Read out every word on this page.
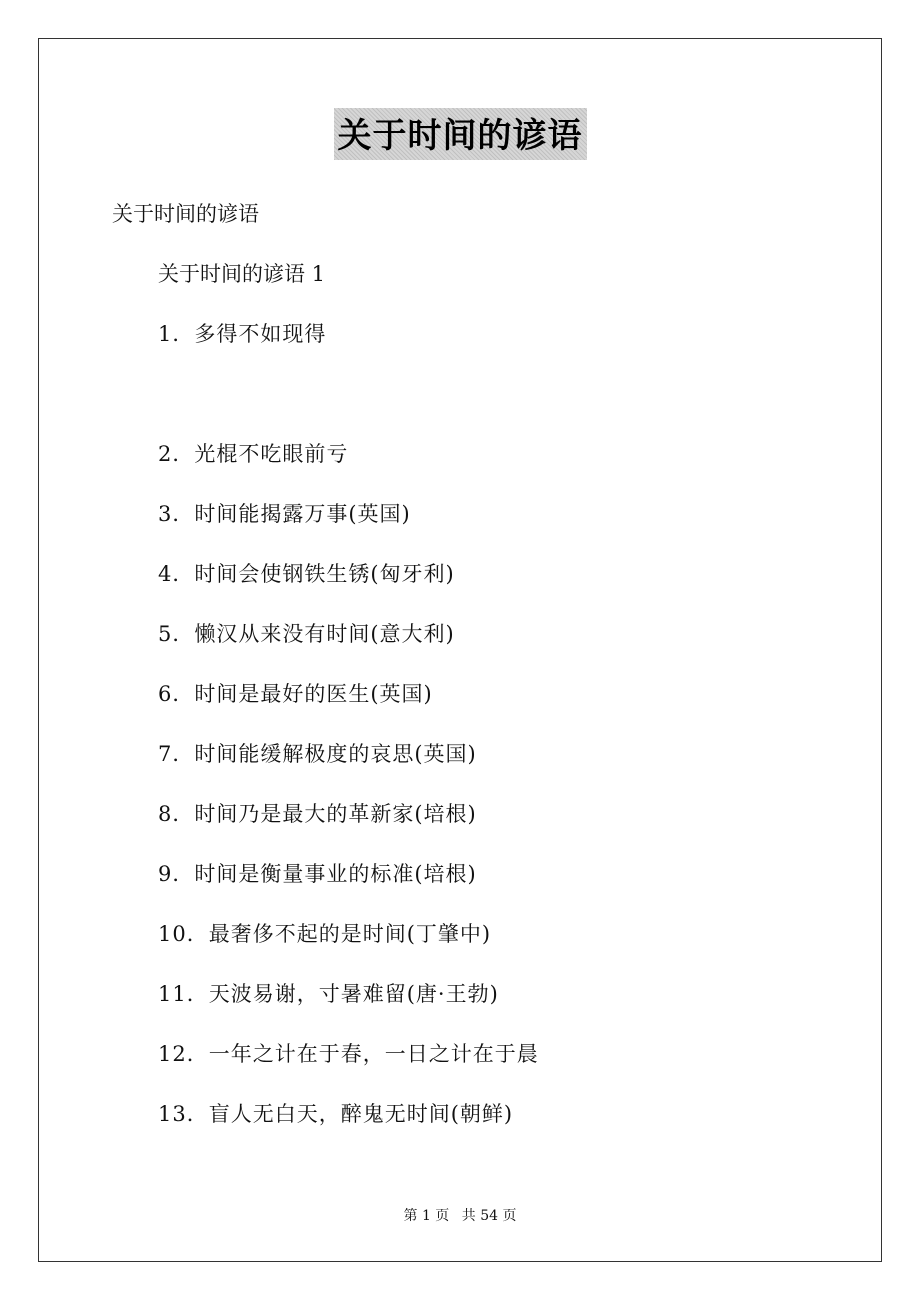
关于时间的谚语
关于时间的谚语
关于时间的谚语 1
1．多得不如现得
2．光棍不吃眼前亏
3．时间能揭露万事(英国)
4．时间会使钢铁生锈(匈牙利)
5．懒汉从来没有时间(意大利)
6．时间是最好的医生(英国)
7．时间能缓解极度的哀思(英国)
8．时间乃是最大的革新家(培根)
9．时间是衡量事业的标准(培根)
10．最奢侈不起的是时间(丁肇中)
11．天波易谢，寸暑难留(唐·王勃)
12．一年之计在于春，一日之计在于晨
13．盲人无白天，醉鬼无时间(朝鲜)
第 1 页 共 54 页
